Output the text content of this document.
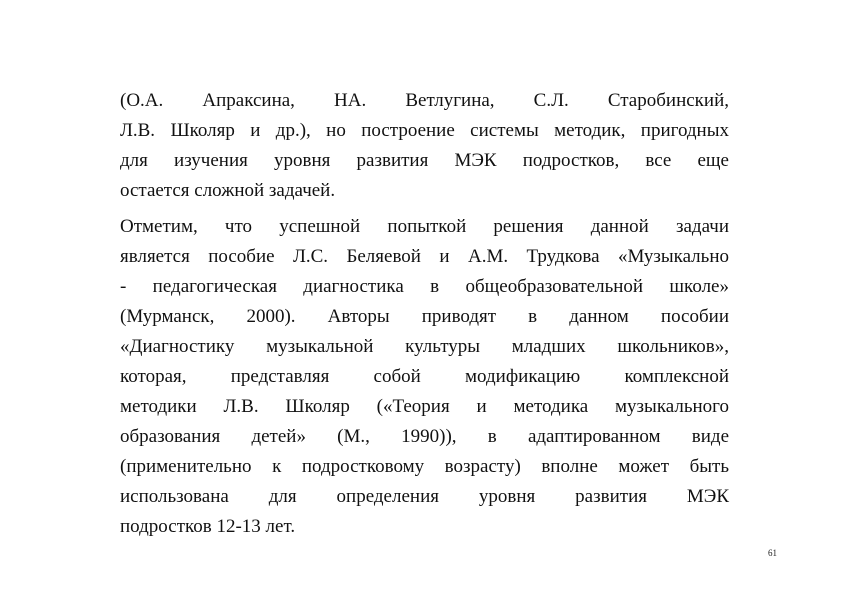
(О.А. Апраксина, НА. Ветлугина, С.Л. Старобинский,
Л.В. Школяр и др.), но построение системы методик, пригодных
для изучения уровня развития МЭК подростков, все еще
остается сложной задачей.
Отметим, что успешной попыткой решения данной задачи
является пособие Л.С. Беляевой и А.М. Трудкова «Музыкально
- педагогическая диагностика в общеобразовательной школе»
(Мурманск, 2000). Авторы приводят в данном пособии
«Диагностику музыкальной культуры младших школьников»,
которая, представляя собой модификацию комплексной
методики Л.В. Школяр («Теория и методика музыкального
образования детей» (М., 1990)), в адаптированном виде
(применительно к подростковому возрасту) вполне может быть
использована для определения уровня развития МЭК
подростков 12-13 лет.
61
